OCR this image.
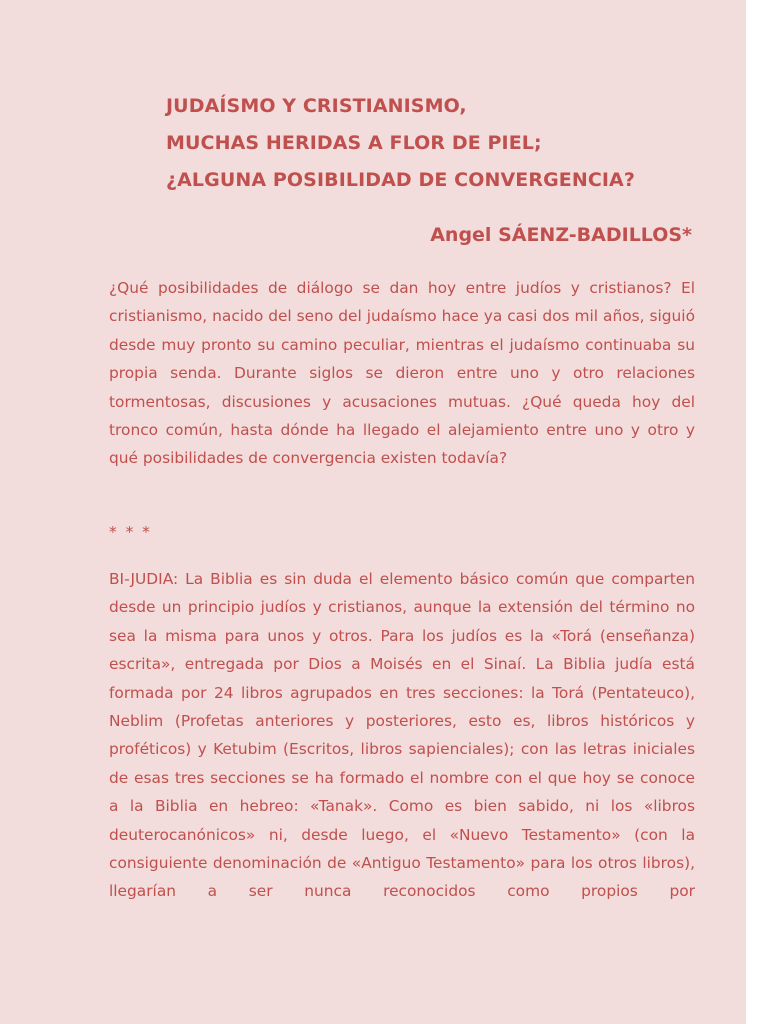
JUDAÍSMO Y CRISTIANISMO,
MUCHAS HERIDAS A FLOR DE PIEL;
¿ALGUNA POSIBILIDAD DE CONVERGENCIA?
Angel SÁENZ-BADILLOS*

¿Qué posibilidades de diálogo se dan hoy entre judíos y cristianos? El cristianismo, nacido del seno del judaísmo hace ya casi dos mil años, siguió desde muy pronto su camino peculiar, mientras el judaísmo continuaba su propia senda. Durante siglos se dieron entre uno y otro relaciones tormentosas, discusiones y acusaciones mutuas. ¿Qué queda hoy del tronco común, hasta dónde ha llegado el alejamiento entre uno y otro y qué posibilidades de convergencia existen todavía?

* * *

BI-JUDIA: La Biblia es sin duda el elemento básico común que comparten desde un principio judíos y cristianos, aunque la extensión del término no sea la misma para unos y otros. Para los judíos es la «Torá (enseñanza) escrita», entregada por Dios a Moisés en el Sinaí. La Biblia judía está formada por 24 libros agrupados en tres secciones: la Torá (Pentateuco), Neblim (Profetas anteriores y posteriores, esto es, libros históricos y proféticos) y Ketubim (Escritos, libros sapienciales); con las letras iniciales de esas tres secciones se ha formado el nombre con el que hoy se conoce a la Biblia en hebreo: «Tanak». Como es bien sabido, ni los «libros deuterocanónicos» ni, desde luego, el «Nuevo Testamento» (con la consiguiente denominación de «Antiguo Testamento» para los otros libros), llegarían a ser nunca reconocidos como propios por
